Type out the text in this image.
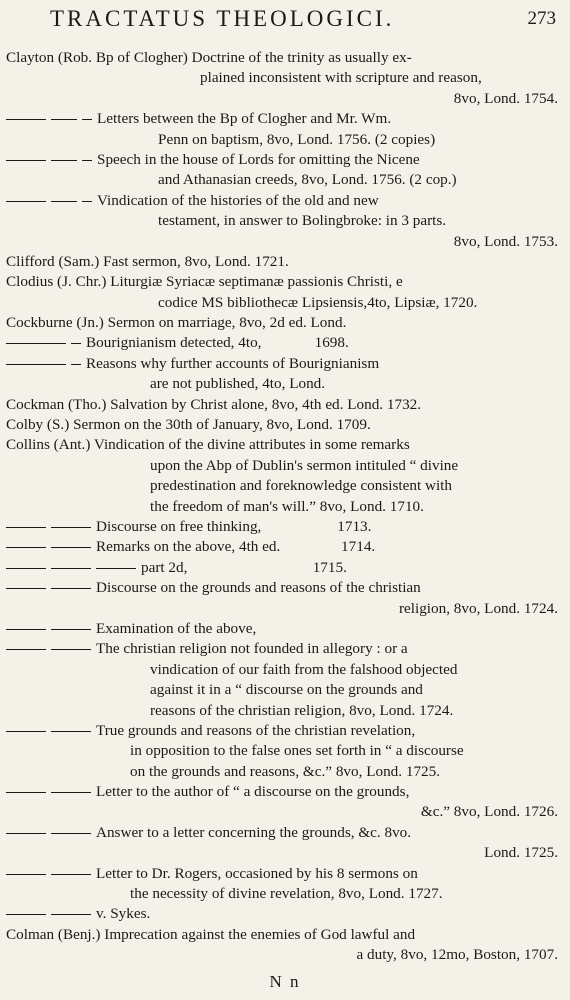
TRACTATUS THEOLOGICI.	273
Clayton (Rob. Bp of Clogher) Doctrine of the trinity as usually ex-
plained inconsistent with scripture and reason,
8vo, Lond. 1754.
Letters between the Bp of Clogher and Mr. Wm.
Penn on baptism, 8vo, Lond. 1756. (2 copies)
Speech in the house of Lords for omitting the Nicene
and Athanasian creeds, 8vo, Lond. 1756. (2 cop.)
Vindication of the histories of the old and new
testament, in answer to Bolingbroke: in 3 parts.
8vo, Lond. 1753.
Clifford (Sam.) Fast sermon, 8vo, Lond. 1721.
Clodius (J. Chr.) Liturgiæ Syriacæ septimanæ passionis Christi, e
codice MS bibliothecæ Lipsiensis,4to, Lipsiæ, 1720.
Cockburne (Jn.) Sermon on marriage, 8vo, 2d ed. Lond.
Bourignianism detected, 4to,              1698.
Reasons why further accounts of Bourignianism
are not published, 4to, Lond.
Cockman (Tho.) Salvation by Christ alone, 8vo, 4th ed. Lond. 1732.
Colby (S.) Sermon on the 30th of January, 8vo, Lond. 1709.
Collins (Ant.) Vindication of the divine attributes in some remarks
upon the Abp of Dublin's sermon intituled “ divine
predestination and foreknowledge consistent with
the freedom of man's will.” 8vo, Lond. 1710.
Discourse on free thinking,                    1713.
Remarks on the above, 4th ed.                1714.
part 2d,                                 1715.
Discourse on the grounds and reasons of the christian
religion, 8vo, Lond. 1724.
Examination of the above,
The christian religion not founded in allegory : or a
vindication of our faith from the falshood objected
against it in a “ discourse on the grounds and
reasons of the christian religion, 8vo, Lond. 1724.
True grounds and reasons of the christian revelation,
in opposition to the false ones set forth in “ a discourse
on the grounds and reasons, &c.” 8vo, Lond. 1725.
Letter to the author of “ a discourse on the grounds,
&c.” 8vo, Lond. 1726.
Answer to a letter concerning the grounds, &c. 8vo.
Lond. 1725.
Letter to Dr. Rogers, occasioned by his 8 sermons on
the necessity of divine revelation, 8vo, Lond. 1727.
v. Sykes.
Colman (Benj.) Imprecation against the enemies of God lawful and
a duty, 8vo, 12mo, Boston, 1707.
N n
